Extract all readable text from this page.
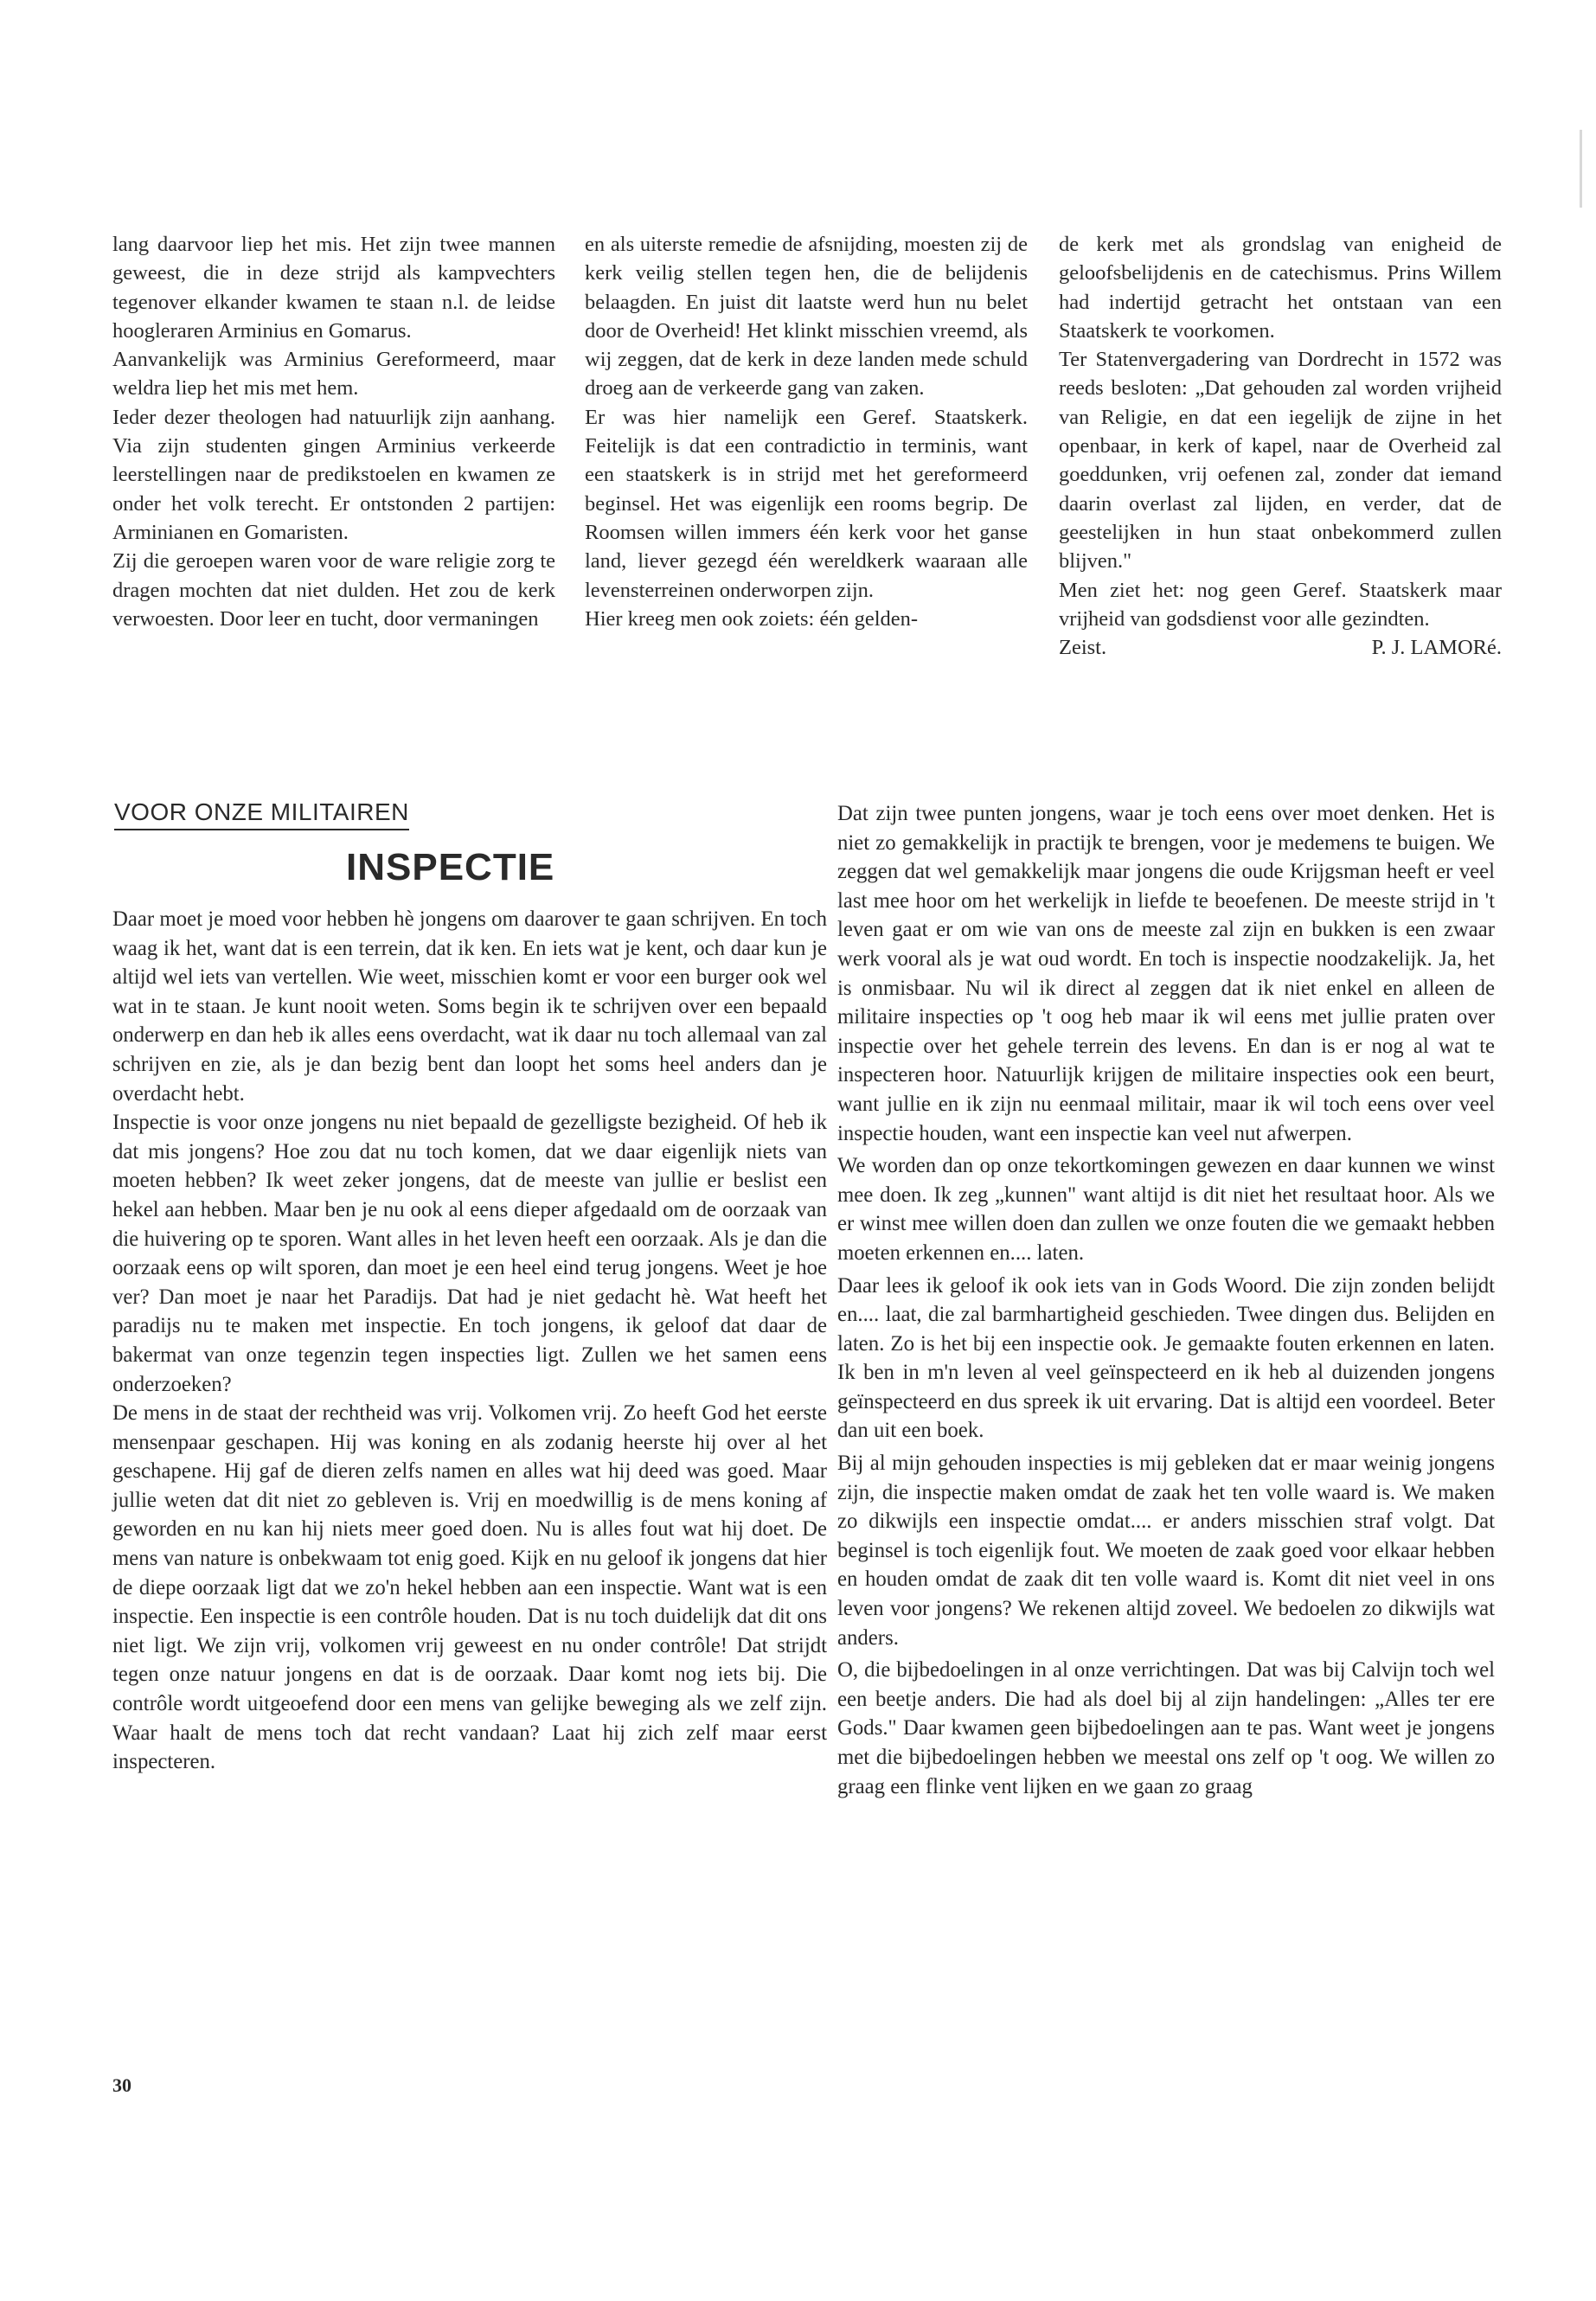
lang daarvoor liep het mis. Het zijn twee mannen geweest, die in deze strijd als kampvechters tegenover elkander kwamen te staan n.l. de leidse hoogleraren Arminius en Gomarus.

Aanvankelijk was Arminius Gereformeerd, maar weldra liep het mis met hem.

Ieder dezer theologen had natuurlijk zijn aanhang. Via zijn studenten gingen Arminius verkeerde leerstellingen naar de predikstoelen en kwamen ze onder het volk terecht. Er ontstonden 2 partijen: Arminianen en Gomaristen.

Zij die geroepen waren voor de ware religie zorg te dragen mochten dat niet dulden. Het zou de kerk verwoesten. Door leer en tucht, door vermaningen

en als uiterste remedie de afsnijding, moesten zij de kerk veilig stellen tegen hen, die de belijdenis belaagden. En juist dit laatste werd hun nu belet door de Overheid! Het klinkt misschien vreemd, als wij zeggen, dat de kerk in deze landen mede schuld droeg aan de verkeerde gang van zaken.

Er was hier namelijk een Geref. Staatskerk. Feitelijk is dat een contradictio in terminis, want een staatskerk is in strijd met het gereformeerd beginsel. Het was eigenlijk een rooms begrip. De Roomsen willen immers één kerk voor het ganse land, liever gezegd één wereldkerk waaraan alle levensterreinen onderworpen zijn.

Hier kreeg men ook zoiets: één gelden-

de kerk met als grondslag van enigheid de geloofsbelijdenis en de catechismus. Prins Willem had indertijd getracht het ontstaan van een Staatskerk te voorkomen.

Ter Statenvergadering van Dordrecht in 1572 was reeds besloten: „Dat gehouden zal worden vrijheid van Religie, en dat een iegelijk de zijne in het openbaar, in kerk of kapel, naar de Overheid zal goeddunken, vrij oefenen zal, zonder dat iemand daarin overlast zal lijden, en verder, dat de geestelijken in hun staat onbekommerd zullen blijven."

Men ziet het: nog geen Geref. Staatskerk maar vrijheid van godsdienst voor alle gezindten.

Zeist.	P. J. LAMORé.
VOOR ONZE MILITAIREN
INSPECTIE

Daar moet je moed voor hebben hè jongens om daarover te gaan schrijven. En toch waag ik het, want dat is een terrein, dat ik ken. En iets wat je kent, och daar kun je altijd wel iets van vertellen. Wie weet, misschien komt er voor een burger ook wel wat in te staan. Je kunt nooit weten. Soms begin ik te schrijven over een bepaald onderwerp en dan heb ik alles eens overdacht, wat ik daar nu toch allemaal van zal schrijven en zie, als je dan bezig bent dan loopt het soms heel anders dan je overdacht hebt.

Inspectie is voor onze jongens nu niet bepaald de gezelligste bezigheid. Of heb ik dat mis jongens? Hoe zou dat nu toch komen, dat we daar eigenlijk niets van moeten hebben? Ik weet zeker jongens, dat de meeste van jullie er beslist een hekel aan hebben. Maar ben je nu ook al eens dieper afgedaald om de oorzaak van die huivering op te sporen. Want alles in het leven heeft een oorzaak. Als je dan die oorzaak eens op wilt sporen, dan moet je een heel eind terug jongens. Weet je hoe ver? Dan moet je naar het Paradijs. Dat had je niet gedacht hè. Wat heeft het paradijs nu te maken met inspectie. En toch jongens, ik geloof dat daar de bakermat van onze tegenzin tegen inspecties ligt. Zullen we het samen eens onderzoeken?

De mens in de staat der rechtheid was vrij. Volkomen vrij. Zo heeft God het eerste mensenpaar geschapen. Hij was koning en als zodanig heerste hij over al het geschapene. Hij gaf de dieren zelfs namen en alles wat hij deed was goed. Maar jullie weten dat dit niet zo gebleven is. Vrij en moedwillig is de mens koning af geworden en nu kan hij niets meer goed doen. Nu is alles fout wat hij doet. De mens van nature is onbekwaam tot enig goed. Kijk en nu geloof ik jongens dat hier de diepe oorzaak ligt dat we zo'n hekel hebben aan een inspectie. Want wat is een inspectie. Een inspectie is een contrôle houden. Dat is nu toch duidelijk dat dit ons niet ligt. We zijn vrij, volkomen vrij geweest en nu onder contrôle! Dat strijdt tegen onze natuur jongens en dat is de oorzaak. Daar komt nog iets bij. Die contrôle wordt uitgeoefend door een mens van gelijke beweging als we zelf zijn. Waar haalt de mens toch dat recht vandaan? Laat hij zich zelf maar eerst inspecteren.

Dat zijn twee punten jongens, waar je toch eens over moet denken. Het is niet zo gemakkelijk in practijk te brengen, voor je medemens te buigen. We zeggen dat wel gemakkelijk maar jongens die oude Krijgsman heeft er veel last mee hoor om het werkelijk in liefde te beoefenen. De meeste strijd in 't leven gaat er om wie van ons de meeste zal zijn en bukken is een zwaar werk vooral als je wat oud wordt. En toch is inspectie noodzakelijk. Ja, het is onmisbaar. Nu wil ik direct al zeggen dat ik niet enkel en alleen de militaire inspecties op 't oog heb maar ik wil eens met jullie praten over inspectie over het gehele terrein des levens. En dan is er nog al wat te inspecteren hoor. Natuurlijk krijgen de militaire inspecties ook een beurt, want jullie en ik zijn nu eenmaal militair, maar ik wil toch eens over veel inspectie houden, want een inspectie kan veel nut afwerpen.

We worden dan op onze tekortkomingen gewezen en daar kunnen we winst mee doen. Ik zeg „kunnen" want altijd is dit niet het resultaat hoor. Als we er winst mee willen doen dan zullen we onze fouten die we gemaakt hebben moeten erkennen en.... laten.

Daar lees ik geloof ik ook iets van in Gods Woord. Die zijn zonden belijdt en.... laat, die zal barmhartigheid geschieden. Twee dingen dus. Belijden en laten. Zo is het bij een inspectie ook. Je gemaakte fouten erkennen en laten. Ik ben in m'n leven al veel geïnspecteerd en ik heb al duizenden jongens geïnspecteerd en dus spreek ik uit ervaring. Dat is altijd een voordeel. Beter dan uit een boek.

Bij al mijn gehouden inspecties is mij gebleken dat er maar weinig jongens zijn, die inspectie maken omdat de zaak het ten volle waard is. We maken zo dikwijls een inspectie omdat.... er anders misschien straf volgt. Dat beginsel is toch eigenlijk fout. We moeten de zaak goed voor elkaar hebben en houden omdat de zaak dit ten volle waard is. Komt dit niet veel in ons leven voor jongens? We rekenen altijd zoveel. We bedoelen zo dikwijls wat anders.

O, die bijbedoelingen in al onze verrichtingen. Dat was bij Calvijn toch wel een beetje anders. Die had als doel bij al zijn handelingen: „Alles ter ere Gods." Daar kwamen geen bijbedoelingen aan te pas. Want weet je jongens met die bijbedoelingen hebben we meestal ons zelf op 't oog. We willen zo graag een flinke vent lijken en we gaan zo graag

30
